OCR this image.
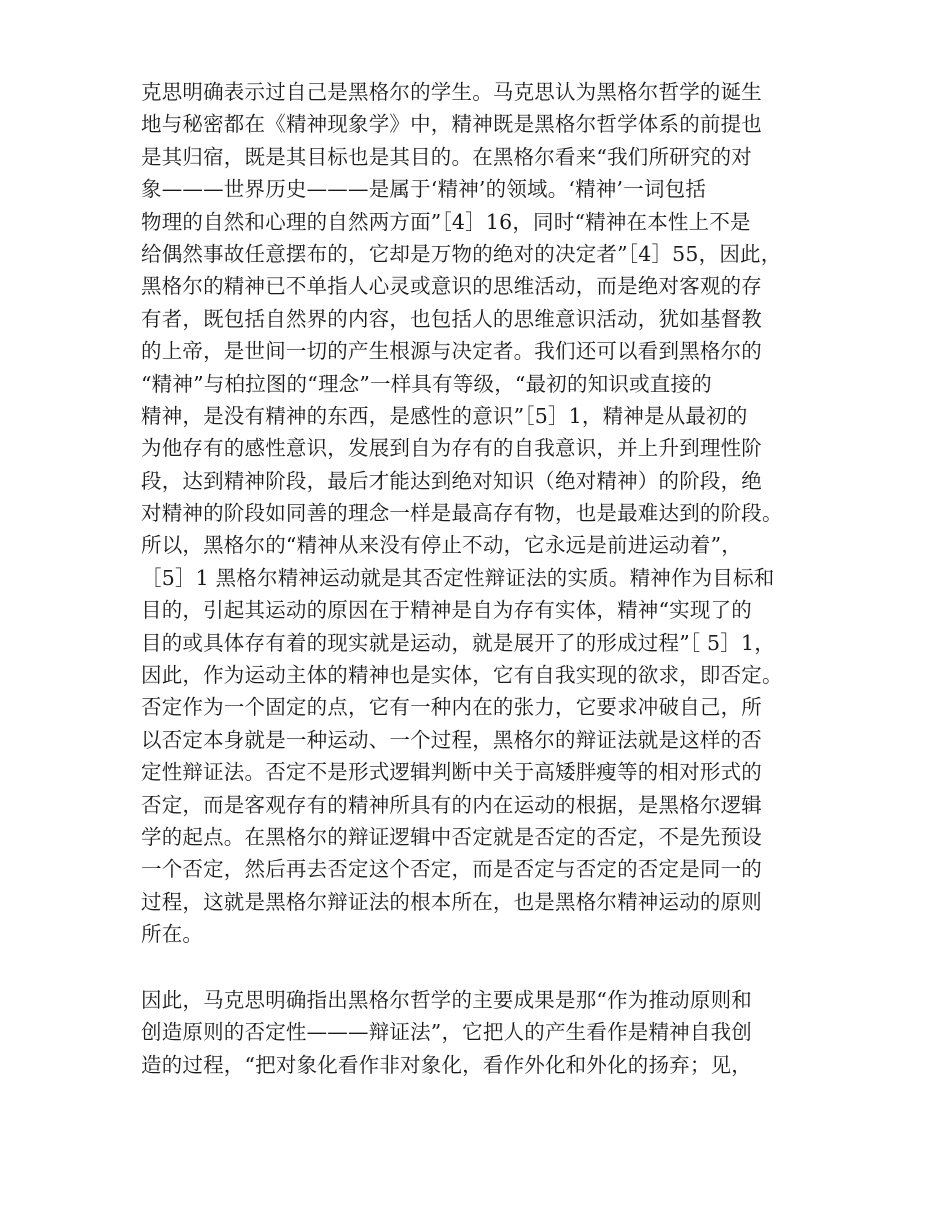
克思明确表示过自己是黑格尔的学生。马克思认为黑格尔哲学的诞生
地与秘密都在《精神现象学》中，精神既是黑格尔哲学体系的前提也
是其归宿，既是其目标也是其目的。在黑格尔看来“我们所研究的对
象———世界历史———是属于‘精神’的领域。‘精神’一词包括
物理的自然和心理的自然两方面”［4］16，同时“精神在本性上不是
给偶然事故任意摆布的，它却是万物的绝对的决定者”［4］55，因此，
黑格尔的精神已不单指人心灵或意识的思维活动，而是绝对客观的存
有者，既包括自然界的内容，也包括人的思维意识活动，犹如基督教
的上帝，是世间一切的产生根源与决定者。我们还可以看到黑格尔的
“精神”与柏拉图的“理念”一样具有等级，“最初的知识或直接的
精神，是没有精神的东西，是感性的意识”［5］1，精神是从最初的
为他存有的感性意识，发展到自为存有的自我意识，并上升到理性阶
段，达到精神阶段，最后才能达到绝对知识（绝对精神）的阶段，绝
对精神的阶段如同善的理念一样是最高存有物，也是最难达到的阶段。
所以，黑格尔的“精神从来没有停止不动，它永远是前进运动着”，
［5］1 黑格尔精神运动就是其否定性辩证法的实质。精神作为目标和
目的，引起其运动的原因在于精神是自为存有实体，精神“实现了的
目的或具体存有着的现实就是运动，就是展开了的形成过程”［ 5］1，
因此，作为运动主体的精神也是实体，它有自我实现的欲求，即否定。
否定作为一个固定的点，它有一种内在的张力，它要求冲破自己，所
以否定本身就是一种运动、一个过程，黑格尔的辩证法就是这样的否
定性辩证法。否定不是形式逻辑判断中关于高矮胖瘦等的相对形式的
否定，而是客观存有的精神所具有的内在运动的根据，是黑格尔逻辑
学的起点。在黑格尔的辩证逻辑中否定就是否定的否定，不是先预设
一个否定，然后再去否定这个否定，而是否定与否定的否定是同一的
过程，这就是黑格尔辩证法的根本所在，也是黑格尔精神运动的原则
所在。
因此，马克思明确指出黑格尔哲学的主要成果是那“作为推动原则和
创造原则的否定性———辩证法”，它把人的产生看作是精神自我创
造的过程，“把对象化看作非对象化，看作外化和外化的扬弃；见，
